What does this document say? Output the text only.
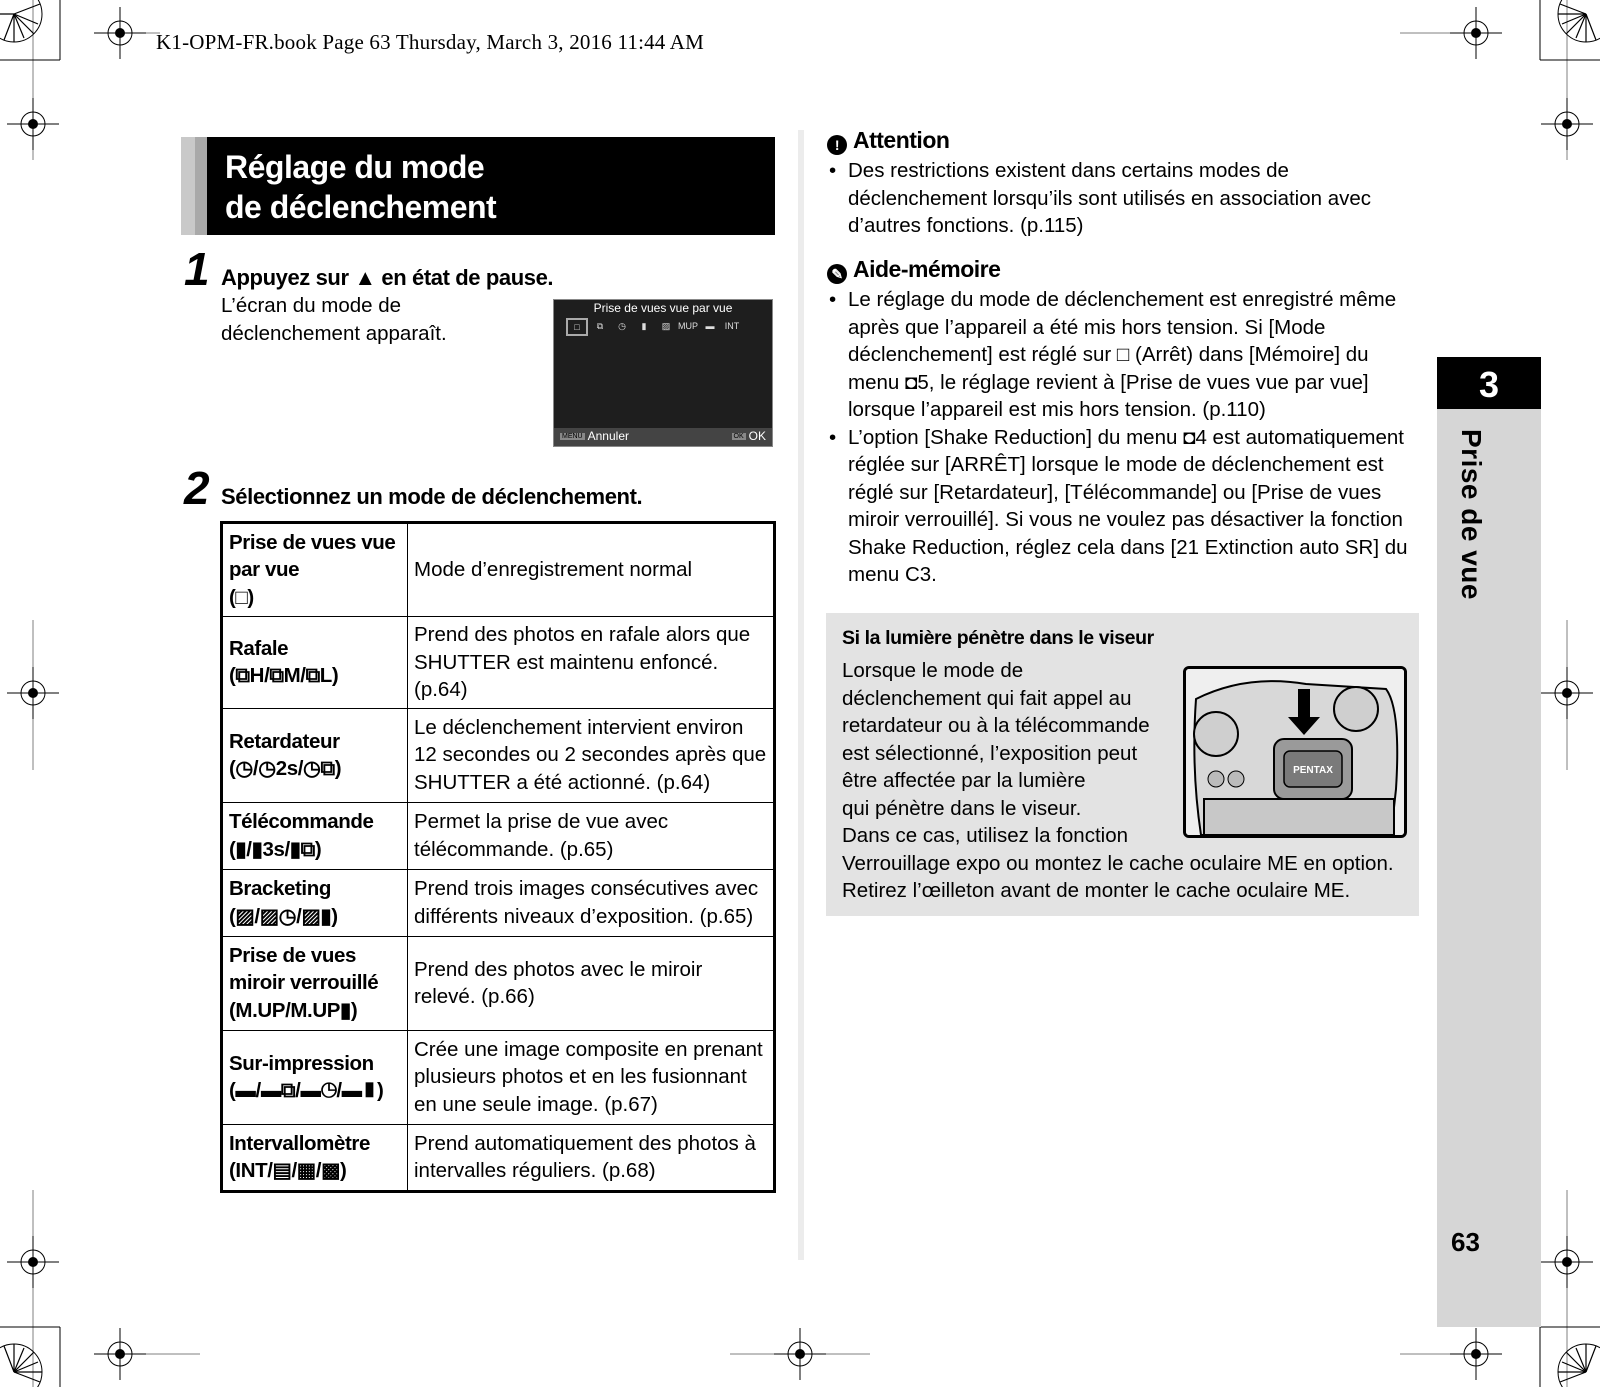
K1-OPM-FR.book Page 63 Thursday, March 3, 2016 11:44 AM
Réglage du mode
de déclenchement
1 Appuyez sur ▲ en état de pause.
L’écran du mode de
déclenchement apparaît.
Prise de vues vue par vue
□	⧉	◷	▮	▨ MUP ▬	INT
MENU Annuler	OK OK
2 Sélectionnez un mode de déclenchement.
Prise de vues vue
par vue
(□)	Mode d’enregistrement normal
Rafale
(⧉H/⧉M/⧉L)	Prend des photos en rafale alors que SHUTTER est maintenu enfoncé. (p.64)
Retardateur
(◷/◷2s/◷⧉)	Le déclenchement intervient environ 12 secondes ou 2 secondes après que SHUTTER a été actionné. (p.64)
Télécommande
(▮/▮3s/▮⧉)	Permet la prise de vue avec télécommande. (p.65)
Bracketing
(▨/▨◷/▨▮)	Prend trois images consécutives avec différents niveaux d’exposition. (p.65)
Prise de vues
miroir verrouillé
(M.UP/M.UP▮)	Prend des photos avec le miroir relevé. (p.66)
Sur-impression
(▬/▬⧉/▬◷/▬▮)	Crée une image composite en prenant plusieurs photos et en les fusionnant en une seule image. (p.67)
Intervallomètre
(INT/▤/▦/▩)	Prend automatiquement des photos à intervalles réguliers. (p.68)
! Attention
• Des restrictions existent dans certains modes de déclenchement lorsqu’ils sont utilisés en association avec d’autres fonctions. (p.115)
✎ Aide-mémoire
• Le réglage du mode de déclenchement est enregistré même après que l’appareil a été mis hors tension. Si [Mode déclenchement] est réglé sur □ (Arrêt) dans [Mémoire] du menu ◘5, le réglage revient à [Prise de vues vue par vue] lorsque l’appareil est mis hors tension. (p.110)
• L’option [Shake Reduction] du menu ◘4 est automatiquement réglée sur [ARRÊT] lorsque le mode de déclenchement est réglé sur [Retardateur], [Télécommande] ou [Prise de vues miroir verrouillé]. Si vous ne voulez pas désactiver la fonction Shake Reduction, réglez cela dans [21 Extinction auto SR] du menu C3.
Si la lumière pénètre dans le viseur
Lorsque le mode de
déclenchement qui fait appel au
retardateur ou à la télécommande
est sélectionné, l’exposition peut
être affectée par la lumière
qui pénètre dans le viseur.
Dans ce cas, utilisez la fonction
Verrouillage expo ou montez le cache oculaire ME en option.
Retirez l’œilleton avant de monter le cache oculaire ME.
PENTAX
3
Prise de vue
63
